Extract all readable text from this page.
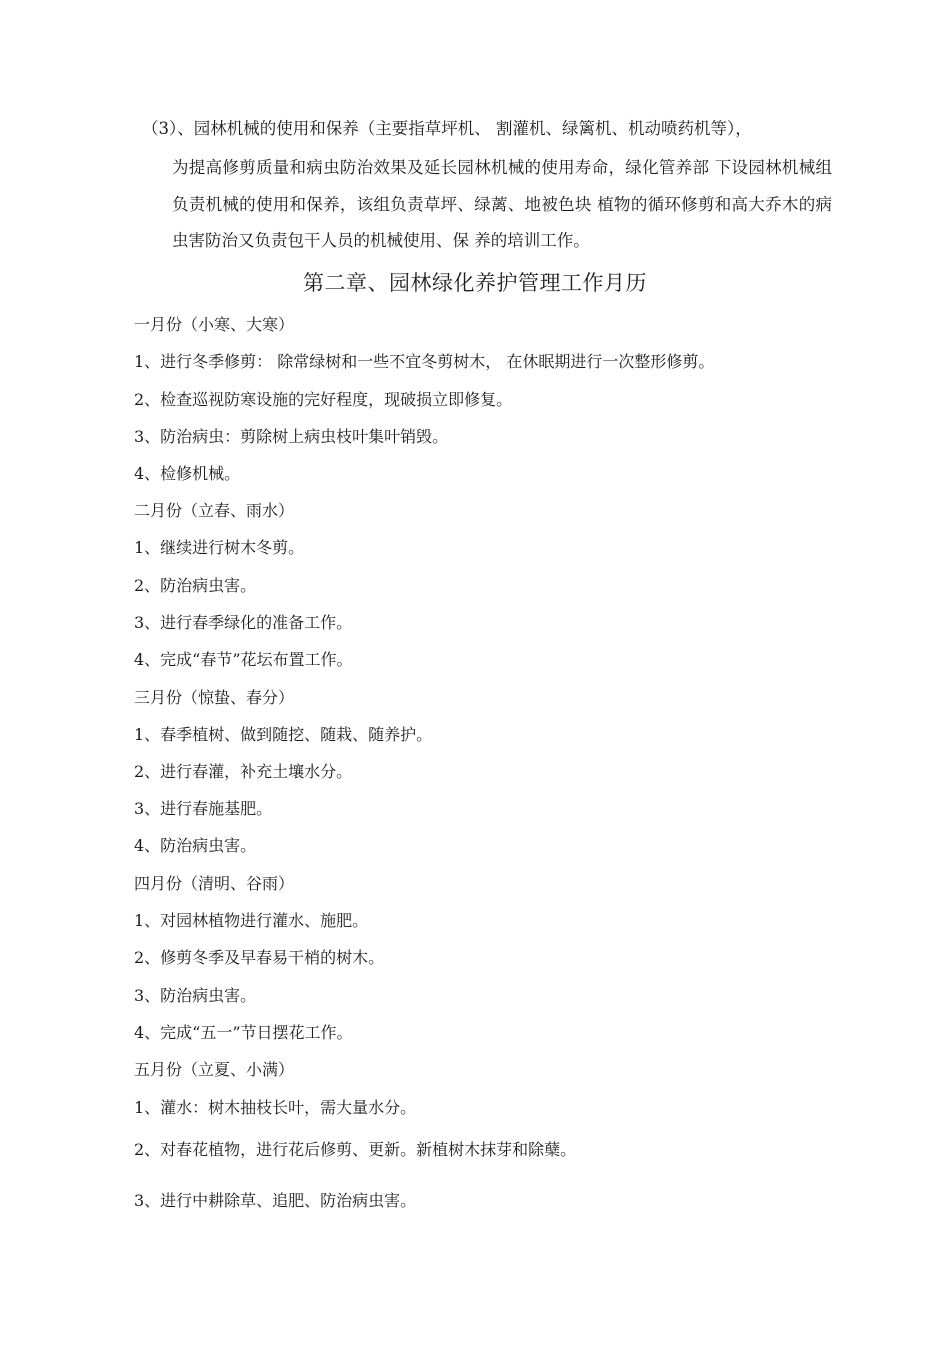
（3）、园林机械的使用和保养（主要指草坪机、 割灌机、绿篱机、机动喷药机等），
为提高修剪质量和病虫防治效果及延长园林机械的使用寿命，绿化管养部 下设园林机械组负责机械的使用和保养，该组负责草坪、绿蓠、地被色块 植物的循环修剪和高大乔木的病虫害防治又负责包干人员的机械使用、保 养的培训工作。
第二章、园林绿化养护管理工作月历
一月份（小寒、大寒）
1、进行冬季修剪： 除常绿树和一些不宜冬剪树木， 在休眠期进行一次整形修剪。
2、检查巡视防寒设施的完好程度，现破损立即修复。
3、防治病虫：剪除树上病虫枝叶集叶销毁。
4、检修机械。
二月份（立春、雨水）
1、继续进行树木冬剪。
2、防治病虫害。
3、进行春季绿化的准备工作。
4、完成“春节”花坛布置工作。
三月份（惊蛰、春分）
1、春季植树、做到随挖、随栽、随养护。
2、进行春灌，补充土壤水分。
3、进行春施基肥。
4、防治病虫害。
四月份（清明、谷雨）
1、对园林植物进行灌水、施肥。
2、修剪冬季及早春易干梢的树木。
3、防治病虫害。
4、完成“五一”节日摆花工作。
五月份（立夏、小满）
1、灌水：树木抽枝长叶，需大量水分。
2、对春花植物，进行花后修剪、更新。新植树木抹芽和除蘖。
3、进行中耕除草、追肥、防治病虫害。
